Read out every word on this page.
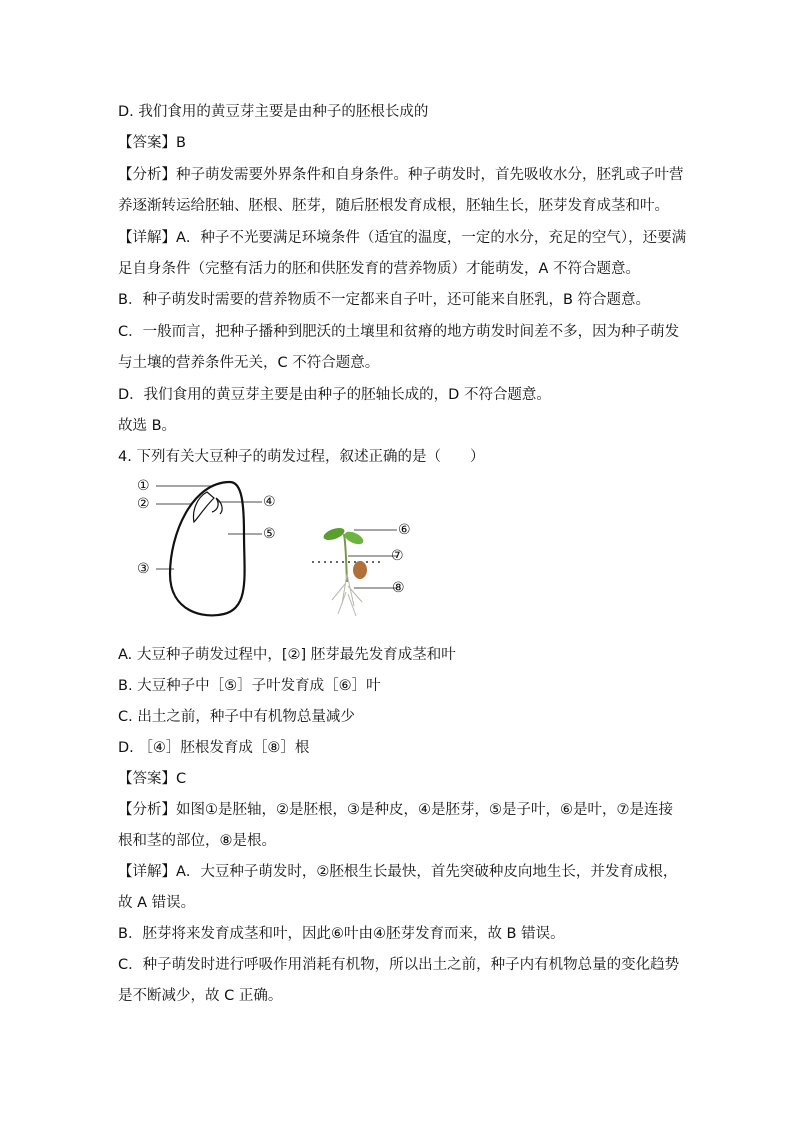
D. 我们食用的黄豆芽主要是由种子的胚根长成的
【答案】B
【分析】种子萌发需要外界条件和自身条件。种子萌发时，首先吸收水分，胚乳或子叶营
养逐渐转运给胚轴、胚根、胚芽，随后胚根发育成根，胚轴生长，胚芽发育成茎和叶。
【详解】A．种子不光要满足环境条件（适宜的温度，一定的水分，充足的空气），还要满
足自身条件（完整有活力的胚和供胚发育的营养物质）才能萌发，A 不符合题意。
B．种子萌发时需要的营养物质不一定都来自子叶，还可能来自胚乳，B 符合题意。
C．一般而言，把种子播种到肥沃的土壤里和贫瘠的地方萌发时间差不多，因为种子萌发
与土壤的营养条件无关，C 不符合题意。
D．我们食用的黄豆芽主要是由种子的胚轴长成的，D 不符合题意。
故选 B。
4. 下列有关大豆种子的萌发过程，叙述正确的是（　　）
①
②
③
④
⑤	⑥
⑦
⑧
A. 大豆种子萌发过程中，[②] 胚芽最先发育成茎和叶
B. 大豆种子中［⑤］子叶发育成［⑥］叶
C. 出土之前，种子中有机物总量减少
D. ［④］胚根发育成［⑧］根
【答案】C
【分析】如图①是胚轴，②是胚根，③是种皮，④是胚芽，⑤是子叶，⑥是叶，⑦是连接
根和茎的部位，⑧是根。
【详解】A．大豆种子萌发时，②胚根生长最快，首先突破种皮向地生长，并发育成根，
故 A 错误。
B．胚芽将来发育成茎和叶，因此⑥叶由④胚芽发育而来，故 B 错误。
C．种子萌发时进行呼吸作用消耗有机物，所以出土之前，种子内有机物总量的变化趋势
是不断减少，故 C 正确。
